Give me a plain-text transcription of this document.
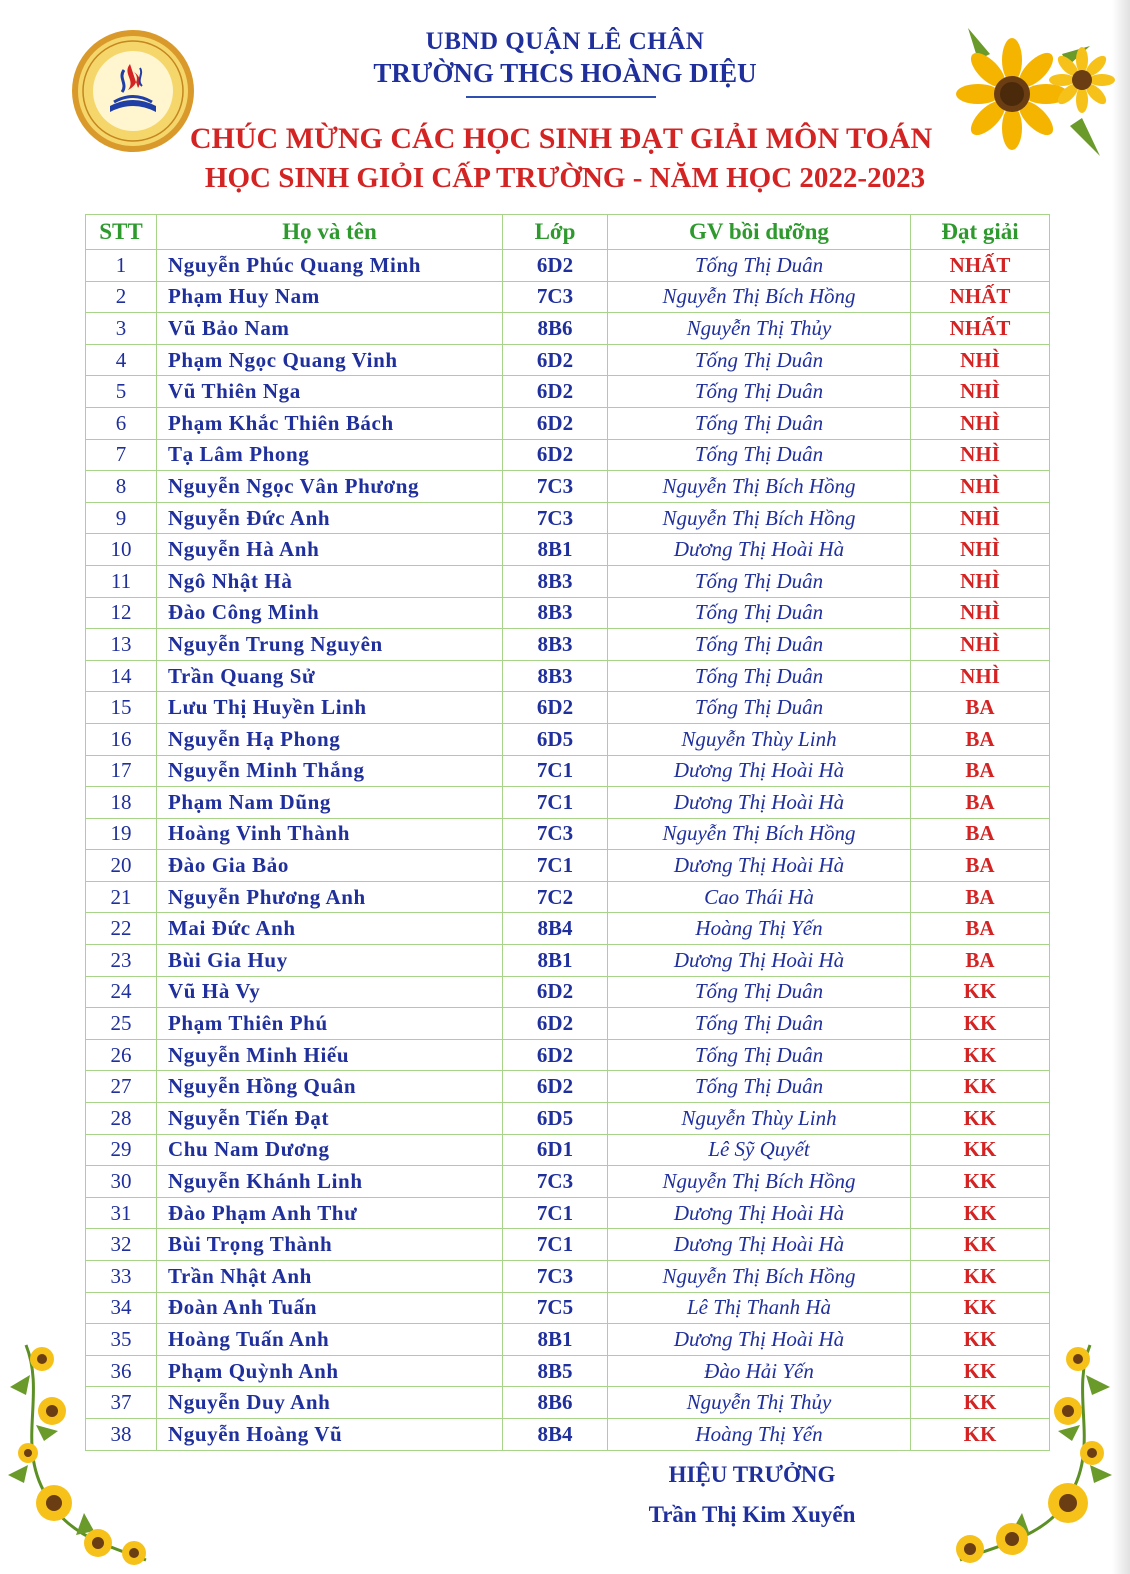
UBND QUẬN LÊ CHÂN
TRƯỜNG THCS HOÀNG DIỆU
CHÚC MỪNG CÁC HỌC SINH ĐẠT GIẢI MÔN TOÁN
HỌC SINH GIỎI CẤP TRƯỜNG - NĂM HỌC 2022-2023
STT	Họ và tên	Lớp	GV bồi dưỡng	Đạt giải
1	Nguyễn Phúc Quang Minh	6D2	Tống Thị Duân	NHẤT
2	Phạm Huy Nam	7C3	Nguyễn Thị Bích Hồng	NHẤT
3	Vũ Bảo Nam	8B6	Nguyễn Thị Thủy	NHẤT
4	Phạm Ngọc Quang Vinh	6D2	Tống Thị Duân	NHÌ
5	Vũ Thiên Nga	6D2	Tống Thị Duân	NHÌ
6	Phạm Khắc Thiên Bách	6D2	Tống Thị Duân	NHÌ
7	Tạ Lâm Phong	6D2	Tống Thị Duân	NHÌ
8	Nguyễn Ngọc Vân Phương	7C3	Nguyễn Thị Bích Hồng	NHÌ
9	Nguyễn Đức Anh	7C3	Nguyễn Thị Bích Hồng	NHÌ
10	Nguyễn Hà Anh	8B1	Dương Thị Hoài Hà	NHÌ
11	Ngô Nhật Hà	8B3	Tống Thị Duân	NHÌ
12	Đào Công Minh	8B3	Tống Thị Duân	NHÌ
13	Nguyễn Trung Nguyên	8B3	Tống Thị Duân	NHÌ
14	Trần Quang Sử	8B3	Tống Thị Duân	NHÌ
15	Lưu Thị Huyền Linh	6D2	Tống Thị Duân	BA
16	Nguyễn Hạ Phong	6D5	Nguyễn Thùy Linh	BA
17	Nguyễn Minh Thắng	7C1	Dương Thị Hoài Hà	BA
18	Phạm Nam Dũng	7C1	Dương Thị Hoài Hà	BA
19	Hoàng Vinh Thành	7C3	Nguyễn Thị Bích Hồng	BA
20	Đào Gia Bảo	7C1	Dương Thị Hoài Hà	BA
21	Nguyễn Phương Anh	7C2	Cao Thái Hà	BA
22	Mai Đức Anh	8B4	Hoàng Thị Yến	BA
23	Bùi Gia Huy	8B1	Dương Thị Hoài Hà	BA
24	Vũ Hà Vy	6D2	Tống Thị Duân	KK
25	Phạm Thiên Phú	6D2	Tống Thị Duân	KK
26	Nguyễn Minh Hiếu	6D2	Tống Thị Duân	KK
27	Nguyễn Hồng Quân	6D2	Tống Thị Duân	KK
28	Nguyễn Tiến Đạt	6D5	Nguyễn Thùy Linh	KK
29	Chu Nam Dương	6D1	Lê Sỹ Quyết	KK
30	Nguyễn Khánh Linh	7C3	Nguyễn Thị Bích Hồng	KK
31	Đào Phạm Anh Thư	7C1	Dương Thị Hoài Hà	KK
32	Bùi Trọng Thành	7C1	Dương Thị Hoài Hà	KK
33	Trần Nhật Anh	7C3	Nguyễn Thị Bích Hồng	KK
34	Đoàn Anh Tuấn	7C5	Lê Thị Thanh Hà	KK
35	Hoàng Tuấn Anh	8B1	Dương Thị Hoài Hà	KK
36	Phạm Quỳnh Anh	8B5	Đào Hải Yến	KK
37	Nguyễn Duy Anh	8B6	Nguyễn Thị Thủy	KK
38	Nguyễn Hoàng Vũ	8B4	Hoàng Thị Yến	KK
HIỆU TRƯỞNG
Trần Thị Kim Xuyến
